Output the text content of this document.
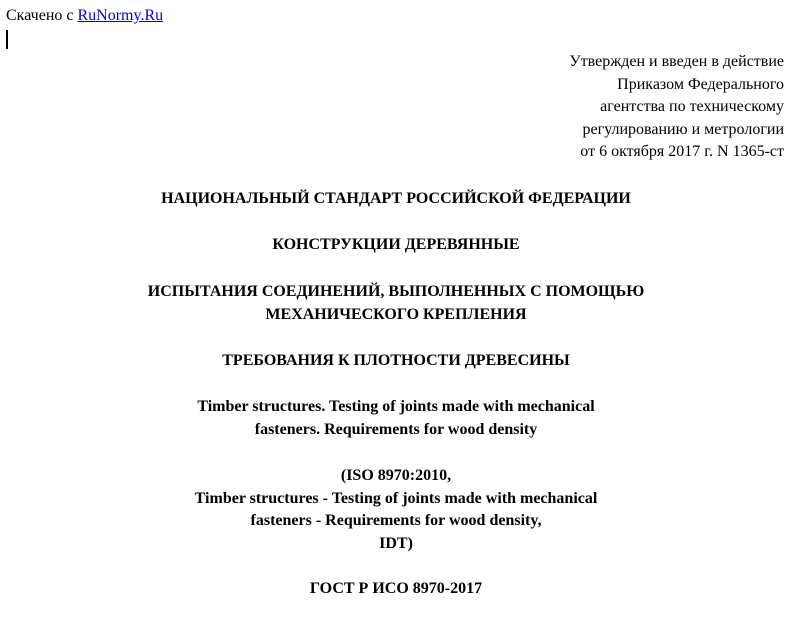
Скачено с RuNormy.Ru
Утвержден и введен в действие
Приказом Федерального
агентства по техническому
регулированию и метрологии
от 6 октября 2017 г. N 1365-ст
НАЦИОНАЛЬНЫЙ СТАНДАРТ РОССИЙСКОЙ ФЕДЕРАЦИИ
КОНСТРУКЦИИ ДЕРЕВЯННЫЕ
ИСПЫТАНИЯ СОЕДИНЕНИЙ, ВЫПОЛНЕННЫХ С ПОМОЩЬЮ
МЕХАНИЧЕСКОГО КРЕПЛЕНИЯ
ТРЕБОВАНИЯ К ПЛОТНОСТИ ДРЕВЕСИНЫ
Timber structures. Testing of joints made with mechanical
fasteners. Requirements for wood density
(ISO 8970:2010,
Timber structures - Testing of joints made with mechanical
fasteners - Requirements for wood density,
IDT)
ГОСТ Р ИСО 8970-2017
